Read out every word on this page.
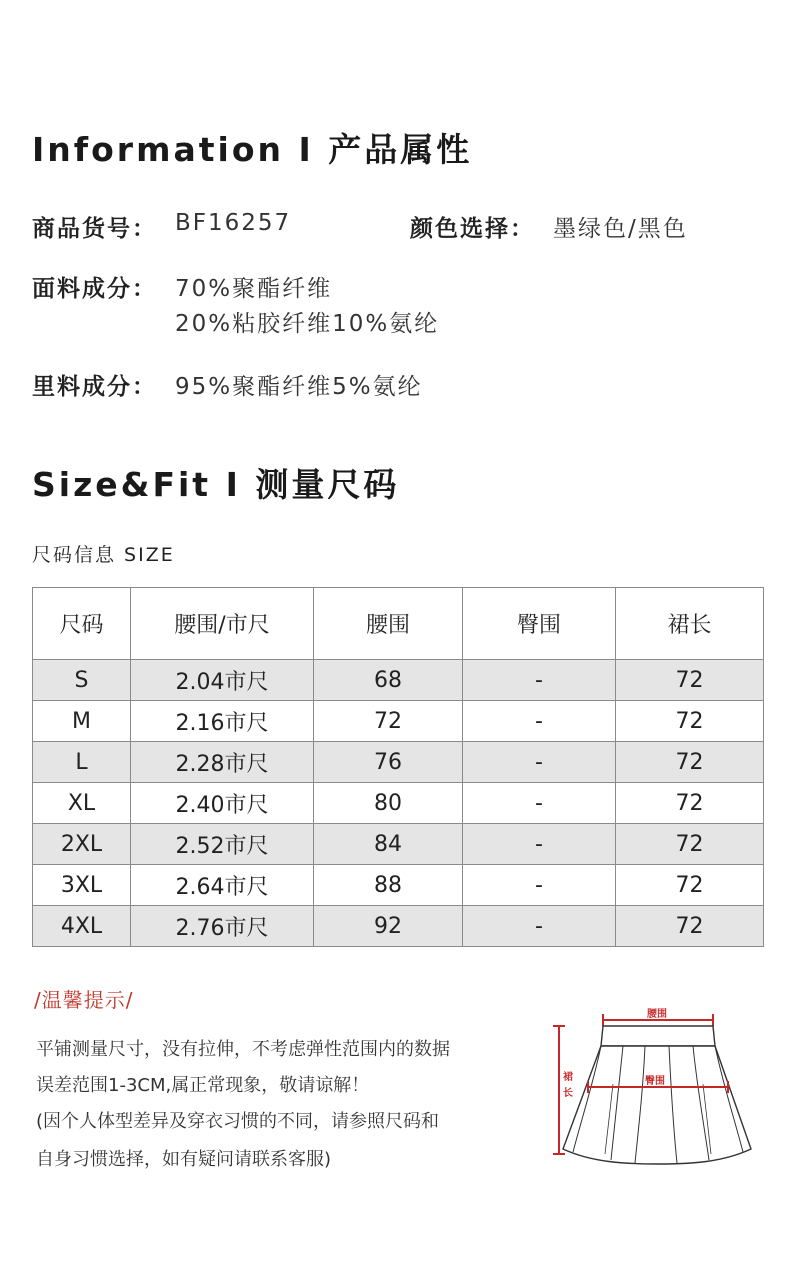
Information I 产品属性
商品货号： BF16257	颜色选择： 墨绿色/黑色
面料成分： 70%聚酯纤维
20%粘胶纤维10%氨纶
里料成分： 95%聚酯纤维5%氨纶
Size&Fit I 测量尺码
尺码信息 SIZE
尺码	腰围/市尺	腰围	臀围	裙长
S	2.04市尺	68	-	72
M	2.16市尺	72	-	72
L	2.28市尺	76	-	72
XL	2.40市尺	80	-	72
2XL	2.52市尺	84	-	72
3XL	2.64市尺	88	-	72
4XL	2.76市尺	92	-	72
/温馨提示/
平铺测量尺寸，没有拉伸，不考虑弹性范围内的数据
误差范围1-3CM,属正常现象，敬请谅解！
(因个人体型差异及穿衣习惯的不同，请参照尺码和
自身习惯选择，如有疑问请联系客服)
腰围
臀围
裙
长
